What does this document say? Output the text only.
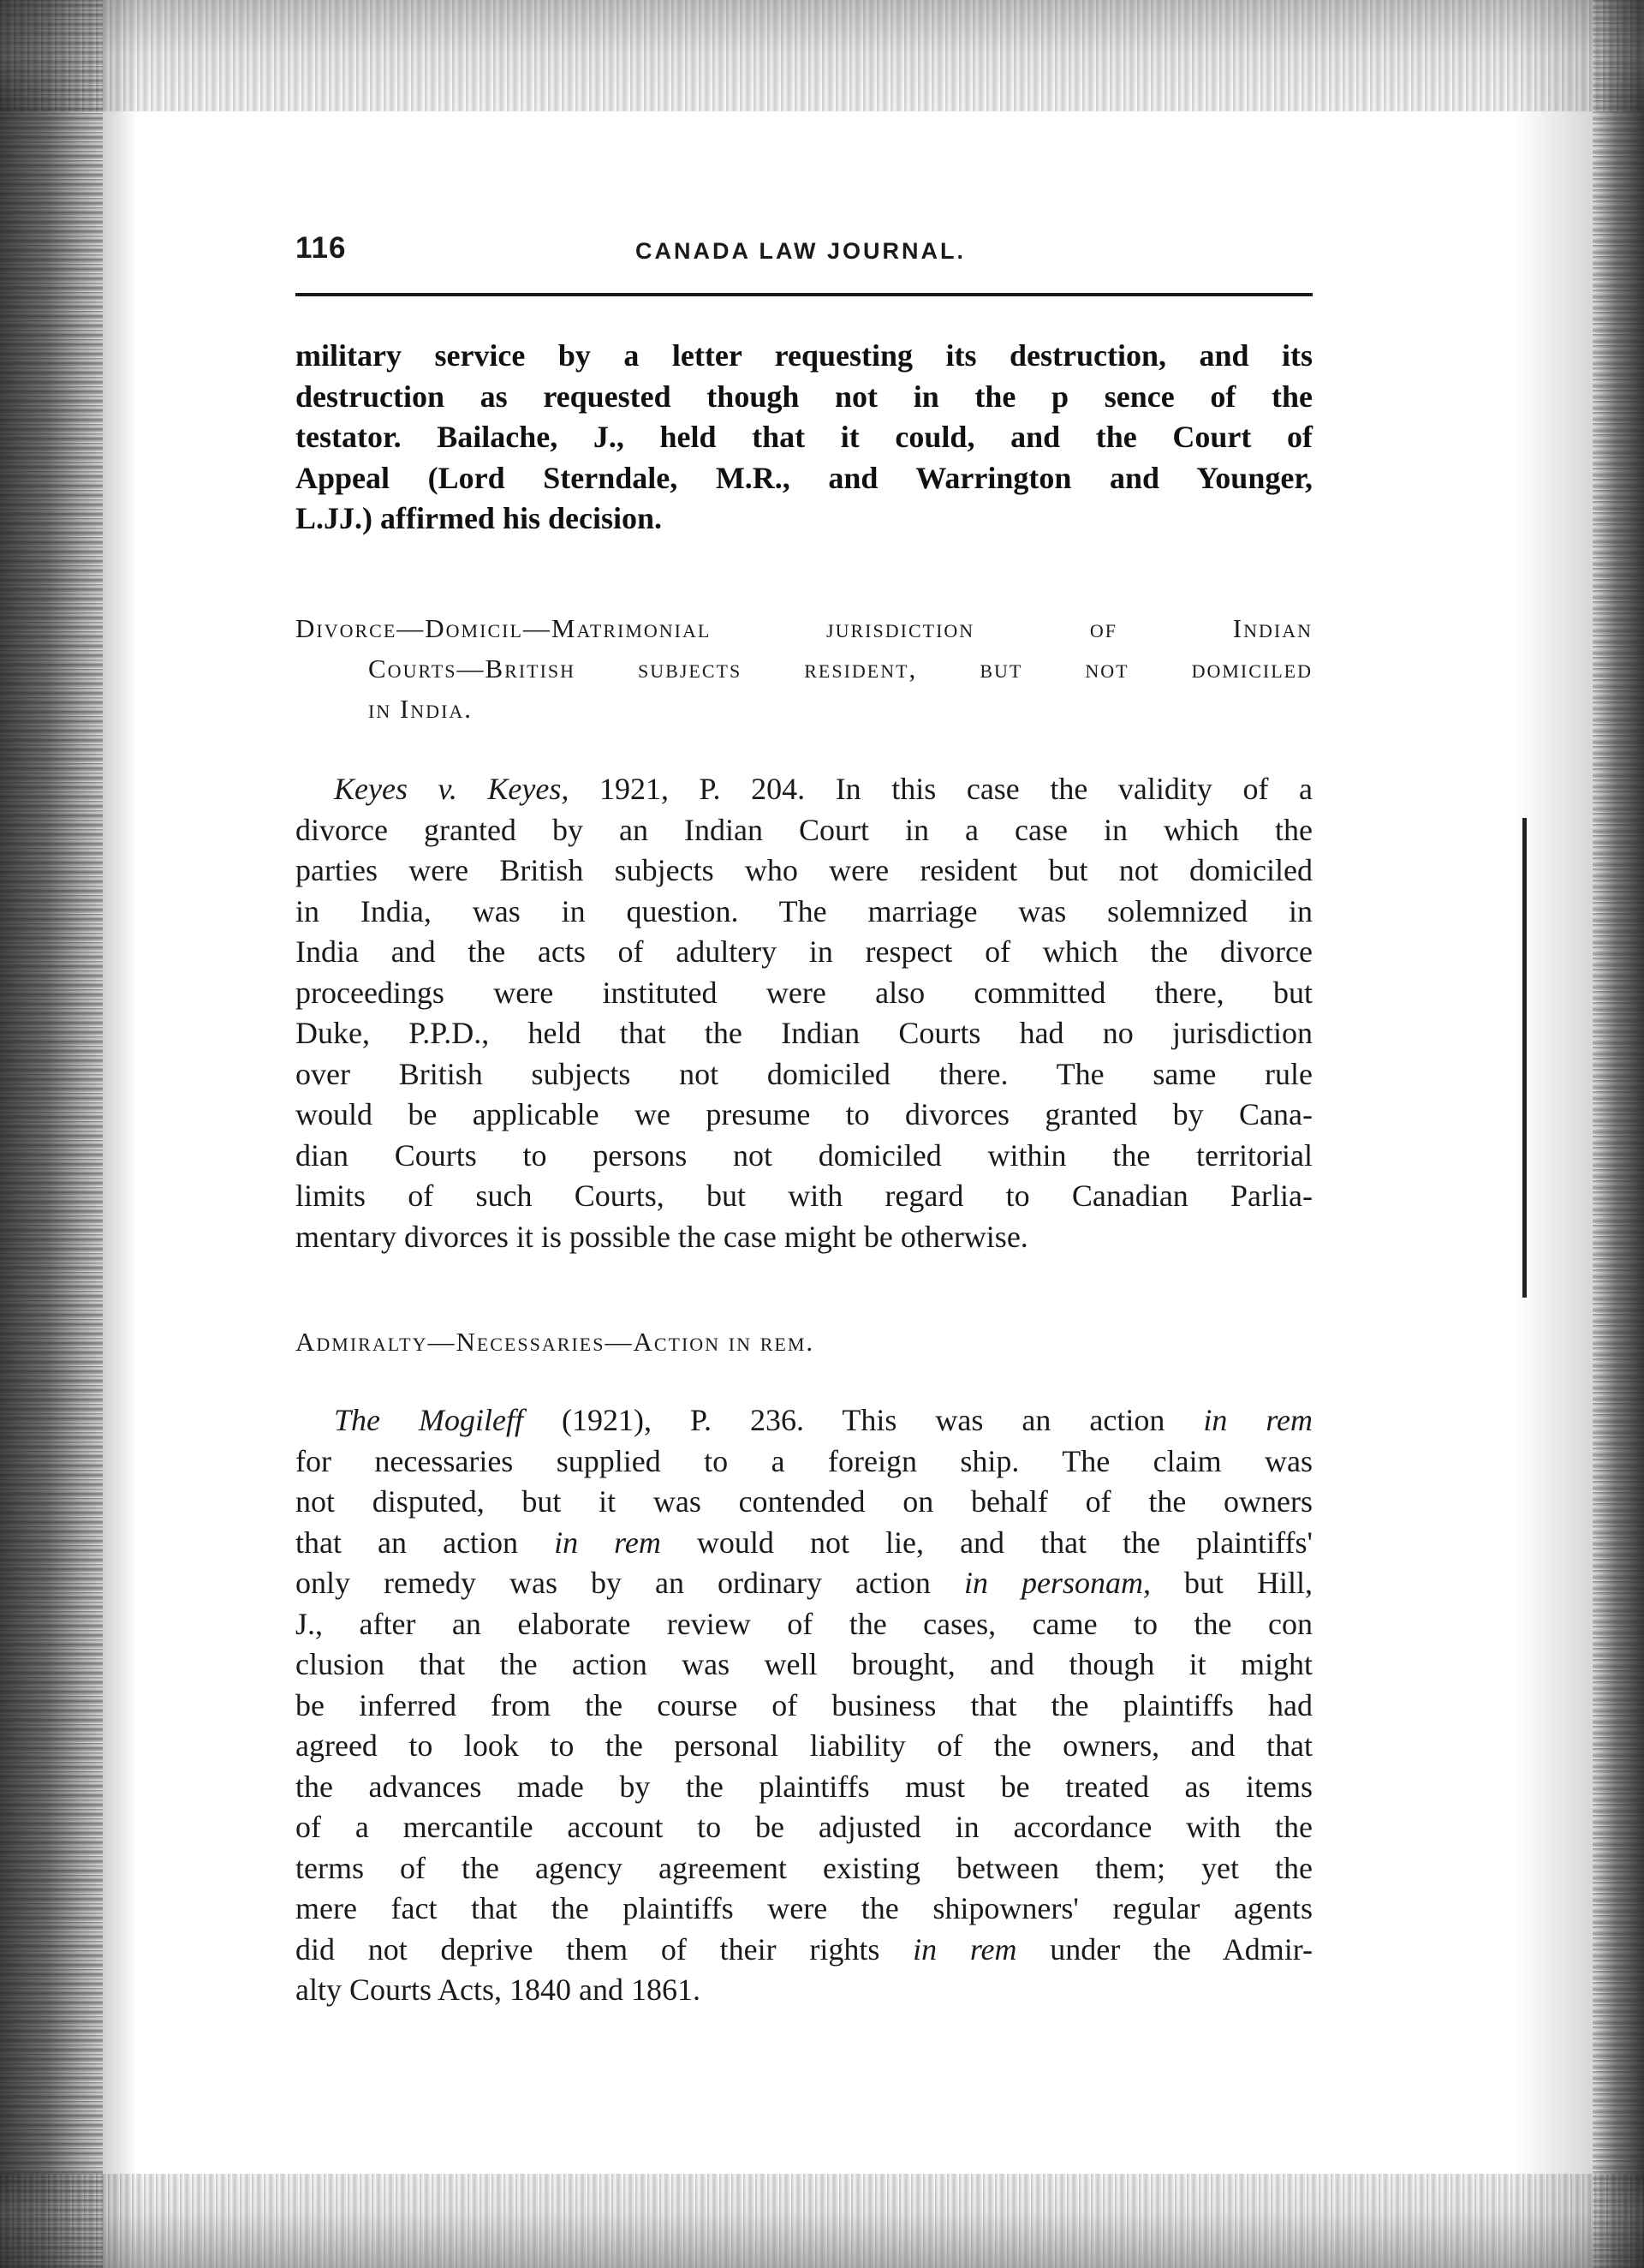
116	CANADA LAW JOURNAL.
military service by a letter requesting its destruction, and its
destruction as requested though not in the p sence of the
testator. Bailache, J., held that it could, and the Court of
Appeal (Lord Sterndale, M.R., and Warrington and Younger,
L.JJ.) affirmed his decision.
Divorce—Domicil—Matrimonial jurisdiction of Indian
Courts—British subjects resident, but not domiciled
in India.
Keyes v. Keyes, 1921, P. 204. In this case the validity of a
divorce granted by an Indian Court in a case in which the
parties were British subjects who were resident but not domiciled
in India, was in question. The marriage was solemnized in
India and the acts of adultery in respect of which the divorce
proceedings were instituted were also committed there, but
Duke, P.P.D., held that the Indian Courts had no jurisdiction
over British subjects not domiciled there. The same rule
would be applicable we presume to divorces granted by Cana-
dian Courts to persons not domiciled within the territorial
limits of such Courts, but with regard to Canadian Parlia-
mentary divorces it is possible the case might be otherwise.
Admiralty—Necessaries—Action in rem.
The Mogileff (1921), P. 236. This was an action in rem
for necessaries supplied to a foreign ship. The claim was
not disputed, but it was contended on behalf of the owners
that an action in rem would not lie, and that the plaintiffs'
only remedy was by an ordinary action in personam, but Hill,
J., after an elaborate review of the cases, came to the con
clusion that the action was well brought, and though it might
be inferred from the course of business that the plaintiffs had
agreed to look to the personal liability of the owners, and that
the advances made by the plaintiffs must be treated as items
of a mercantile account to be adjusted in accordance with the
terms of the agency agreement existing between them; yet the
mere fact that the plaintiffs were the shipowners' regular agents
did not deprive them of their rights in rem under the Admir-
alty Courts Acts, 1840 and 1861.
